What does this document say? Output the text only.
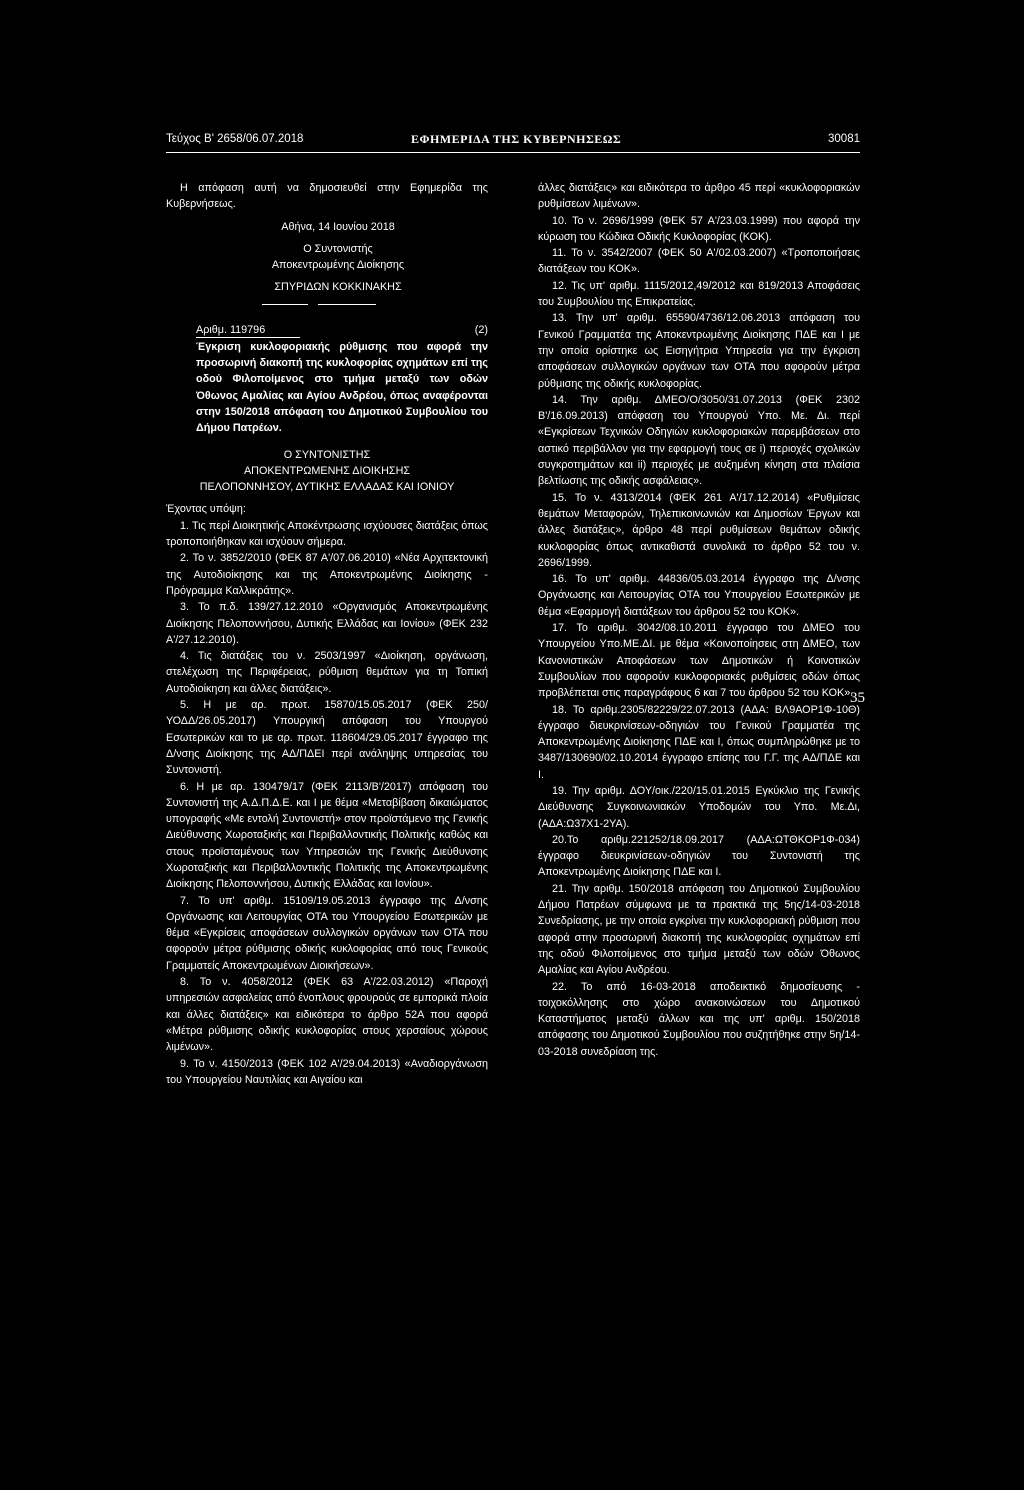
Τεύχος Β' 2658/06.07.2018	ΕΦΗΜΕΡΙΔΑ ΤΗΣ ΚΥΒΕΡΝΗΣΕΩΣ	30081

Η απόφαση αυτή να δημοσιευθεί στην Εφημερίδα της Κυβερνήσεως.

Αθήνα, 14 Ιουνίου 2018

Ο Συντονιστής

Αποκεντρωμένης Διοίκησης

ΣΠΥΡΙΔΩΝ ΚΟΚΚΙΝΑΚΗΣ

Αριθμ. 119796	(2)

Έγκριση κυκλοφοριακής ρύθμισης που αφορά την προσωρινή διακοπή της κυκλοφορίας οχημάτων επί της οδού Φιλοποίμενος στο τμήμα μεταξύ των οδών Όθωνος Αμαλίας και Αγίου Ανδρέου, όπως αναφέρονται στην 150/2018 απόφαση του Δημοτικού Συμβουλίου του Δήμου Πατρέων.

Ο ΣΥΝΤΟΝΙΣΤΗΣ

ΑΠΟΚΕΝΤΡΩΜΕΝΗΣ ΔΙΟΙΚΗΣΗΣ

ΠΕΛΟΠΟΝΝΗΣΟΥ, ΔΥΤΙΚΗΣ ΕΛΛΑΔΑΣ ΚΑΙ ΙΟΝΙΟΥ

Έχοντας υπόψη:

1. Τις περί Διοικητικής Αποκέντρωσης ισχύουσες διατάξεις όπως τροποποιήθηκαν και ισχύουν σήμερα.

2. Το ν. 3852/2010 (ΦΕΚ 87 Α'/07.06.2010) «Νέα Αρχιτεκτονική της Αυτοδιοίκησης και της Αποκεντρωμένης Διοίκησης - Πρόγραμμα Καλλικράτης».

3. Το π.δ. 139/27.12.2010 «Οργανισμός Αποκεντρωμένης Διοίκησης Πελοποννήσου, Δυτικής Ελλάδας και Ιονίου» (ΦΕΚ 232 Α'/27.12.2010).

4. Τις διατάξεις του ν. 2503/1997 «Διοίκηση, οργάνωση, στελέχωση της Περιφέρειας, ρύθμιση θεμάτων για τη Τοπική Αυτοδιοίκηση και άλλες διατάξεις».

5. Η με αρ. πρωτ. 15870/15.05.2017 (ΦΕΚ 250/ΥΟΔΔ/26.05.2017) Υπουργική απόφαση του Υπουργού Εσωτερικών και το με αρ. πρωτ. 118604/29.05.2017 έγγραφο της Δ/νσης Διοίκησης της ΑΔ/ΠΔΕΙ περί ανάληψης υπηρεσίας του Συντονιστή.

6. Η με αρ. 130479/17 (ΦΕΚ 2113/Β'/2017) απόφαση του Συντονιστή της Α.Δ.Π.Δ.Ε. και Ι με θέμα «Μεταβίβαση δικαιώματος υπογραφής «Με εντολή Συντονιστή» στον προϊστάμενο της Γενικής Διεύθυνσης Χωροταξικής και Περιβαλλοντικής Πολιτικής καθώς και στους προϊσταμένους των Υπηρεσιών της Γενικής Διεύθυνσης Χωροταξικής και Περιβαλλοντικής Πολιτικής της Αποκεντρωμένης Διοίκησης Πελοποννήσου, Δυτικής Ελλάδας και Ιονίου».

7. Το υπ' αριθμ. 15109/19.05.2013 έγγραφο της Δ/νσης Οργάνωσης και Λειτουργίας ΟΤΑ του Υπουργείου Εσωτερικών με θέμα «Εγκρίσεις αποφάσεων συλλογικών οργάνων των ΟΤΑ που αφορούν μέτρα ρύθμισης οδικής κυκλοφορίας από τους Γενικούς Γραμματείς Αποκεντρωμένων Διοικήσεων».

8. Το ν. 4058/2012 (ΦΕΚ 63 Α'/22.03.2012) «Παροχή υπηρεσιών ασφαλείας από ένοπλους φρουρούς σε εμπορικά πλοία και άλλες διατάξεις» και ειδικότερα το άρθρο 52Α που αφορά «Μέτρα ρύθμισης οδικής κυκλοφορίας στους χερσαίους χώρους λιμένων».

9. Το ν. 4150/2013 (ΦΕΚ 102 Α'/29.04.2013) «Αναδιοργάνωση του Υπουργείου Ναυτιλίας και Αιγαίου και

άλλες διατάξεις» και ειδικότερα το άρθρο 45 περί «κυκλοφοριακών ρυθμίσεων λιμένων».

10. Το ν. 2696/1999 (ΦΕΚ 57 Α'/23.03.1999) που αφορά την κύρωση του Κώδικα Οδικής Κυκλοφορίας (ΚΟΚ).

11. Το ν. 3542/2007 (ΦΕΚ 50 Α'/02.03.2007) «Τροποποιήσεις διατάξεων του ΚΟΚ».

12. Τις υπ' αριθμ. 1115/2012,49/2012 και 819/2013 Αποφάσεις του Συμβουλίου της Επικρατείας.

13. Την υπ' αριθμ. 65590/4736/12.06.2013 απόφαση του Γενικού Γραμματέα της Αποκεντρωμένης Διοίκησης ΠΔΕ και Ι με την οποία ορίστηκε ως Εισηγήτρια Υπηρεσία για την έγκριση αποφάσεων συλλογικών οργάνων των ΟΤΑ που αφορούν μέτρα ρύθμισης της οδικής κυκλοφορίας.

14. Την αριθμ. ΔΜΕΟ/Ο/3050/31.07.2013 (ΦΕΚ 2302 Β'/16.09.2013) απόφαση του Υπουργού Υπο. Με. Δι. περί «Εγκρίσεων Τεχνικών Οδηγιών κυκλοφοριακών παρεμβάσεων στο αστικό περιβάλλον για την εφαρμογή τους σε i) περιοχές σχολικών συγκροτημάτων και ii) περιοχές με αυξημένη κίνηση στα πλαίσια βελτίωσης της οδικής ασφάλειας».

15. Το ν. 4313/2014 (ΦΕΚ 261 Α'/17.12.2014) «Ρυθμίσεις θεμάτων Μεταφορών, Τηλεπικοινωνιών και Δημοσίων Έργων και άλλες διατάξεις», άρθρο 48 περί ρυθμίσεων θεμάτων οδικής κυκλοφορίας όπως αντικαθιστά συνολικά το άρθρο 52 του ν. 2696/1999.

16. Το υπ' αριθμ. 44836/05.03.2014 έγγραφο της Δ/νσης Οργάνωσης και Λειτουργίας ΟΤΑ του Υπουργείου Εσωτερικών με θέμα «Εφαρμογή διατάξεων του άρθρου 52 του ΚΟΚ».

17. Το αριθμ. 3042/08.10.2011 έγγραφο του ΔΜΕΟ του Υπουργείου Υπο.ΜΕ.ΔΙ. με θέμα «Κοινοποίησεις στη ΔΜΕΟ, των Κανονιστικών Αποφάσεων των Δημοτικών ή Κοινοτικών Συμβουλίων που αφορούν κυκλοφοριακές ρυθμίσεις οδών όπως προβλέπεται στις παραγράφους 6 και 7 του άρθρου 52 του ΚΟΚ».

18. Το αριθμ.2305/82229/22.07.2013 (ΑΔΑ: ΒΛ9ΑΟΡ1Φ-10Θ) έγγραφο διευκρινίσεων-οδηγιών του Γενικού Γραμματέα της Αποκεντρωμένης Διοίκησης ΠΔΕ και Ι, όπως συμπληρώθηκε με το 3487/130690/02.10.2014 έγγραφο επίσης του Γ.Γ. της ΑΔ/ΠΔΕ και Ι.

19. Την αριθμ. ΔΟΥ/οικ./220/15.01.2015 Εγκύκλιο της Γενικής Διεύθυνσης Συγκοινωνιακών Υποδομών του Υπο. Με.Δι, (ΑΔΑ:Ω37Χ1-2ΥΑ).

20.Το αριθμ.221252/18.09.2017 (ΑΔΑ:ΩΤΘΚΟΡ1Φ-034) έγγραφο διευκρινίσεων-οδηγιών του Συντονιστή της Αποκεντρωμένης Διοίκησης ΠΔΕ και Ι.

21. Την αριθμ. 150/2018 απόφαση του Δημοτικού Συμβουλίου Δήμου Πατρέων σύμφωνα με τα πρακτικά της 5ης/14-03-2018 Συνεδρίασης, με την οποία εγκρίνει την κυκλοφοριακή ρύθμιση που αφορά στην προσωρινή διακοπή της κυκλοφορίας οχημάτων επί της οδού Φιλοποίμενος στο τμήμα μεταξύ των οδών Όθωνος Αμαλίας και Αγίου Ανδρέου.

22. Το από 16-03-2018 αποδεικτικό δημοσίευσης - τοιχοκόλλησης στο χώρο ανακοινώσεων του Δημοτικού Καταστήματος μεταξύ άλλων και της υπ' αριθμ. 150/2018 απόφασης του Δημοτικού Συμβουλίου που συζητήθηκε στην 5η/14-03-2018 συνεδρίαση της.

35
